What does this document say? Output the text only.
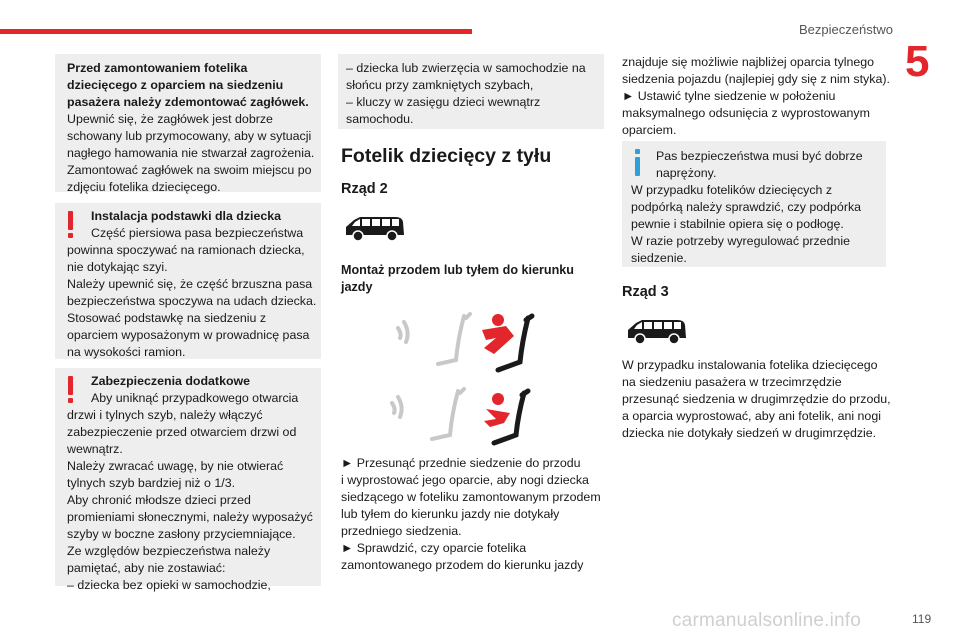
Bezpieczeństwo
5

Przed zamontowaniem fotelika

dziecięcego z oparciem na siedzeniu

pasażera należy zdemontować zagłówek.

Upewnić się, że zagłówek jest dobrze

schowany lub przymocowany, aby w sytuacji

nagłego hamowania nie stwarzał zagrożenia.

Zamontować zagłówek na swoim miejscu po

zdjęciu fotelika dziecięcego.

Instalacja podstawki dla dziecka

Część piersiowa pasa bezpieczeństwa

powinna spoczywać na ramionach dziecka,

nie dotykając szyi.

Należy upewnić się, że część brzuszna pasa

bezpieczeństwa spoczywa na udach dziecka.

Stosować podstawkę na siedzeniu z

oparciem wyposażonym w prowadnicę pasa

na wysokości ramion.

Zabezpieczenia dodatkowe

Aby uniknąć przypadkowego otwarcia

drzwi i tylnych szyb, należy włączyć

zabezpieczenie przed otwarciem drzwi od

wewnątrz.

Należy zwracać uwagę, by nie otwierać

tylnych szyb bardziej niż o 1/3.

Aby chronić młodsze dzieci przed

promieniami słonecznymi, należy wyposażyć

szyby w boczne zasłony przyciemniające.

Ze względów bezpieczeństwa należy

pamiętać, aby nie zostawiać:

– dziecka bez opieki w samochodzie,

– dziecka lub zwierzęcia w samochodzie na

słońcu przy zamkniętych szybach,

– kluczy w zasięgu dzieci wewnątrz

samochodu.

Fotelik dziecięcy z tyłu
Rząd 2
Montaż przodem lub tyłem do kierunku
jazdy

► Przesunąć przednie siedzenie do przodu

i wyprostować jego oparcie, aby nogi dziecka

siedzącego w foteliku zamontowanym przodem

lub tyłem do kierunku jazdy nie dotykały

przedniego siedzenia.

► Sprawdzić, czy oparcie fotelika

zamontowanego przodem do kierunku jazdy

znajduje się możliwie najbliżej oparcia tylnego

siedzenia pojazdu (najlepiej gdy się z nim styka).

► Ustawić tylne siedzenie w położeniu

maksymalnego odsunięcia z wyprostowanym

oparciem.

Pas bezpieczeństwa musi być dobrze

naprężony.

W przypadku fotelików dziecięcych z

podpórką należy sprawdzić, czy podpórka

pewnie i stabilnie opiera się o podłogę.

W razie potrzeby wyregulować przednie

siedzenie.

Rząd 3

W przypadku instalowania fotelika dziecięcego

na siedzeniu pasażera w trzecimrzędzie

przesunąć siedzenia w drugimrzędzie do przodu,

a oparcia wyprostować, aby ani fotelik, ani nogi

dziecka nie dotykały siedzeń w drugimrzędzie.

carmanualsonline.info	119
